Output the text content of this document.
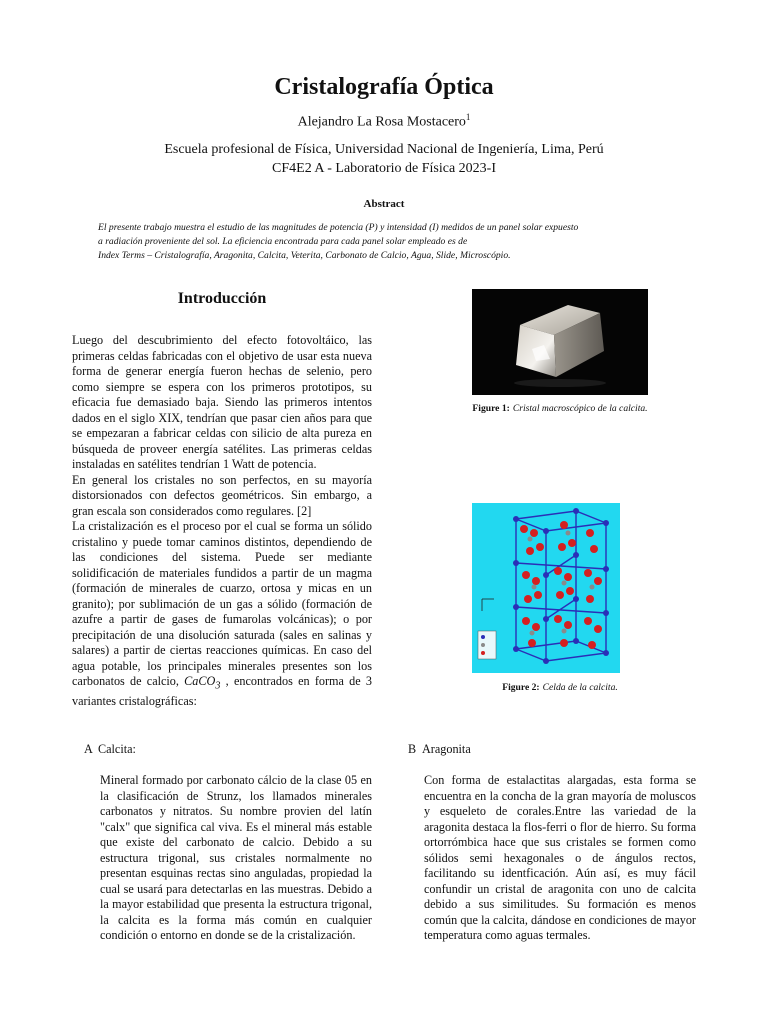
Cristalografía Óptica
Alejandro La Rosa Mostacero$^1$
Escuela profesional de Física, Universidad Nacional de Ingeniería, Lima, Perú
CF4E2 A - Laboratorio de Física 2023-I
Abstract
El presente trabajo muestra el estudio de las magnitudes de potencia (P) y intensidad (I) medidos de un panel solar expuesto
a radiación proveniente del sol. La eficiencia encontrada para cada panel solar empleado es de
Index Terms – Cristalografía, Aragonita, Calcita, Veterita, Carbonato de Calcio, Agua, Slide, Microscópio.
Introducción

Luego del descubrimiento del efecto fotovoltáico, las primeras celdas fabricadas con el objetivo de usar esta nueva forma de generar energía fueron hechas de selenio, pero como siempre se espera con los primeros prototipos, su eficacia fue demasiado baja. Siendo las primeros intentos dados en el siglo XIX, tendrían que pasar cien años para que se empezaran a fabricar celdas con silicio de alta pureza en búsqueda de proveer energía satélites. Las primeras celdas instaladas en satélites tendrían 1 Watt de potencia.

En general los cristales no son perfectos, en su mayoría distorsionados con defectos geométricos. Sin embargo, a gran escala son considerados como regulares. [2]

La cristalización es el proceso por el cual se forma un sólido cristalino y puede tomar caminos distintos, dependiendo de las condiciones del sistema. Puede ser mediante solidificación de materiales fundidos a partir de un magma (formación de minerales de cuarzo, ortosa y micas en un granito); por sublimación de un gas a sólido (formación de azufre a partir de gases de fumarolas volcánicas); o por precipitación de una disolución saturada (sales en salinas y salares) a partir de ciertas reacciones químicas. En caso del agua potable, los principales minerales presentes son los carbonatos de calcio, CaCO$_3$ , encontrados en forma de 3 variantes cristalográficas:

Figure 1: Cristal macroscópico de la calcita.
Figure 2: Celda de la calcita.
A Calcita:	B Aragonita

Mineral formado por carbonato cálcio de la clase 05 en la clasificación de Strunz, los llamados minerales carbonatos y nitratos. Su nombre provien del latín "calx" que significa cal viva. Es el mineral más estable que existe del carbonato de calcio. Debido a su estructura trigonal, sus cristales normalmente no presentan esquinas rectas sino anguladas, propiedad la cual se usará para detectarlas en las muestras. Debido a la mayor estabilidad que presenta la estructura trigonal, la calcita es la forma más común en cualquier condición o entorno en donde se de la cristalización.

Con forma de estalactitas alargadas, esta forma se encuentra en la concha de la gran mayoría de moluscos y esqueleto de corales.Entre las variedad de la aragonita destaca la flos-ferri o flor de hierro. Su forma ortorrómbica hace que sus cristales se formen como sólidos semi hexagonales o de ángulos rectos, facilitando su identficación. Aún así, es muy fácil confundir un cristal de aragonita con uno de calcita debido a sus similitudes. Su formación es menos común que la calcita, dándose en condiciones de mayor temperatura como aguas termales.
